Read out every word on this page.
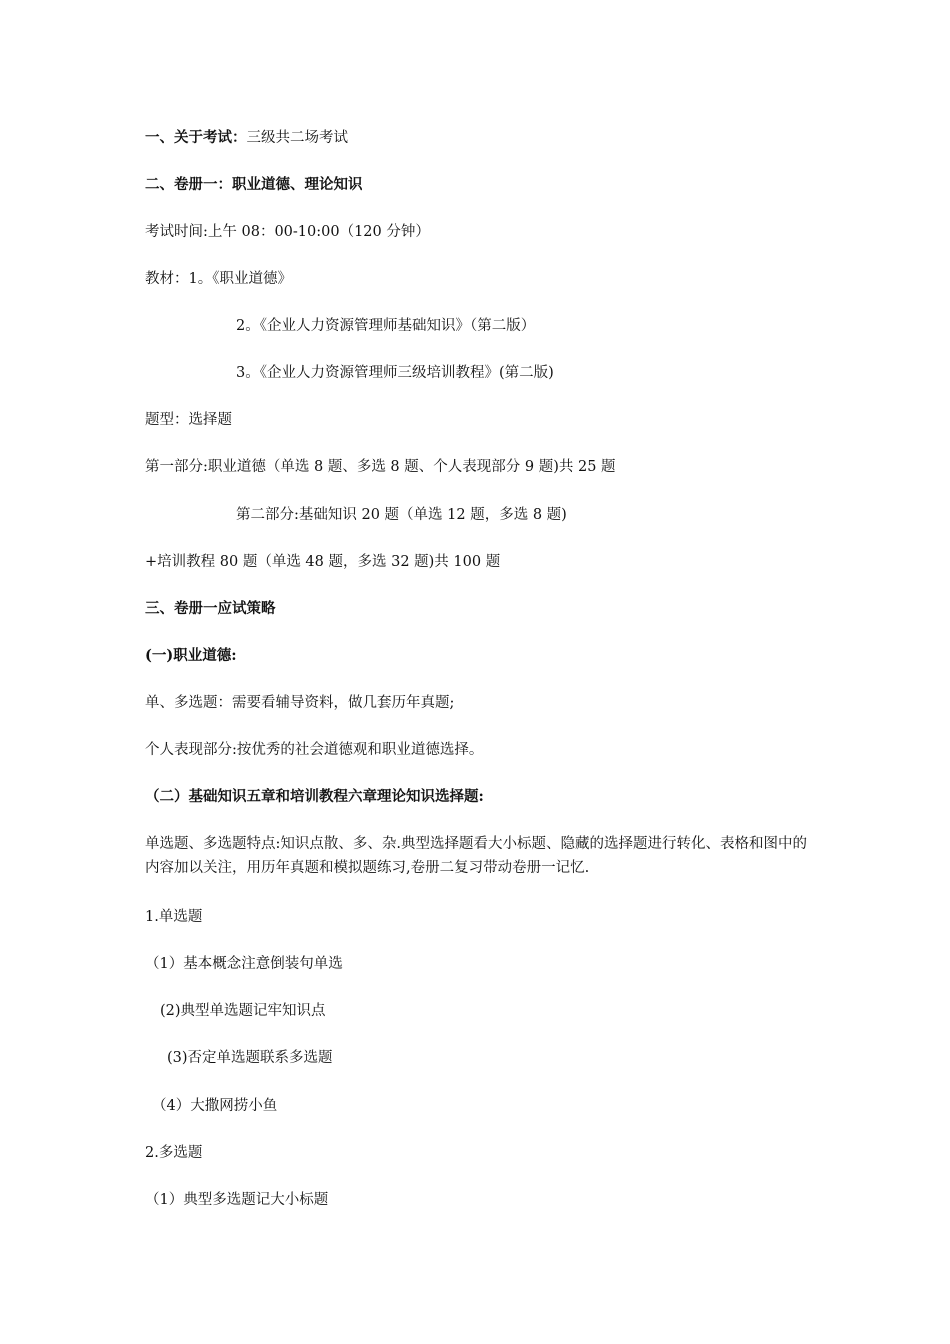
一、关于考试：三级共二场考试
二、卷册一：职业道德、理论知识
考试时间:上午 08：00-10:00（120 分钟）
教材：1。《职业道德》
2。《企业人力资源管理师基础知识》（第二版）
3。《企业人力资源管理师三级培训教程》(第二版)
题型：选择题
第一部分:职业道德（单选 8 题、多选 8 题、个人表现部分 9 题)共 25 题
第二部分:基础知识 20 题（单选 12 题，多选 8 题)
+培训教程 80 题（单选 48 题，多选 32 题)共 100 题
三、卷册一应试策略
(一)职业道德:
单、多选题：需要看辅导资料，做几套历年真题;
个人表现部分:按优秀的社会道德观和职业道德选择。
（二）基础知识五章和培训教程六章理论知识选择题:
单选题、多选题特点:知识点散、多、杂.典型选择题看大小标题、隐藏的选择题进行转化、表格和图中的内容加以关注，用历年真题和模拟题练习,卷册二复习带动卷册一记忆.
1.单选题
（1）基本概念注意倒装句单选
(2)典型单选题记牢知识点
(3)否定单选题联系多选题
（4）大撒网捞小鱼
2.多选题
（1）典型多选题记大小标题
